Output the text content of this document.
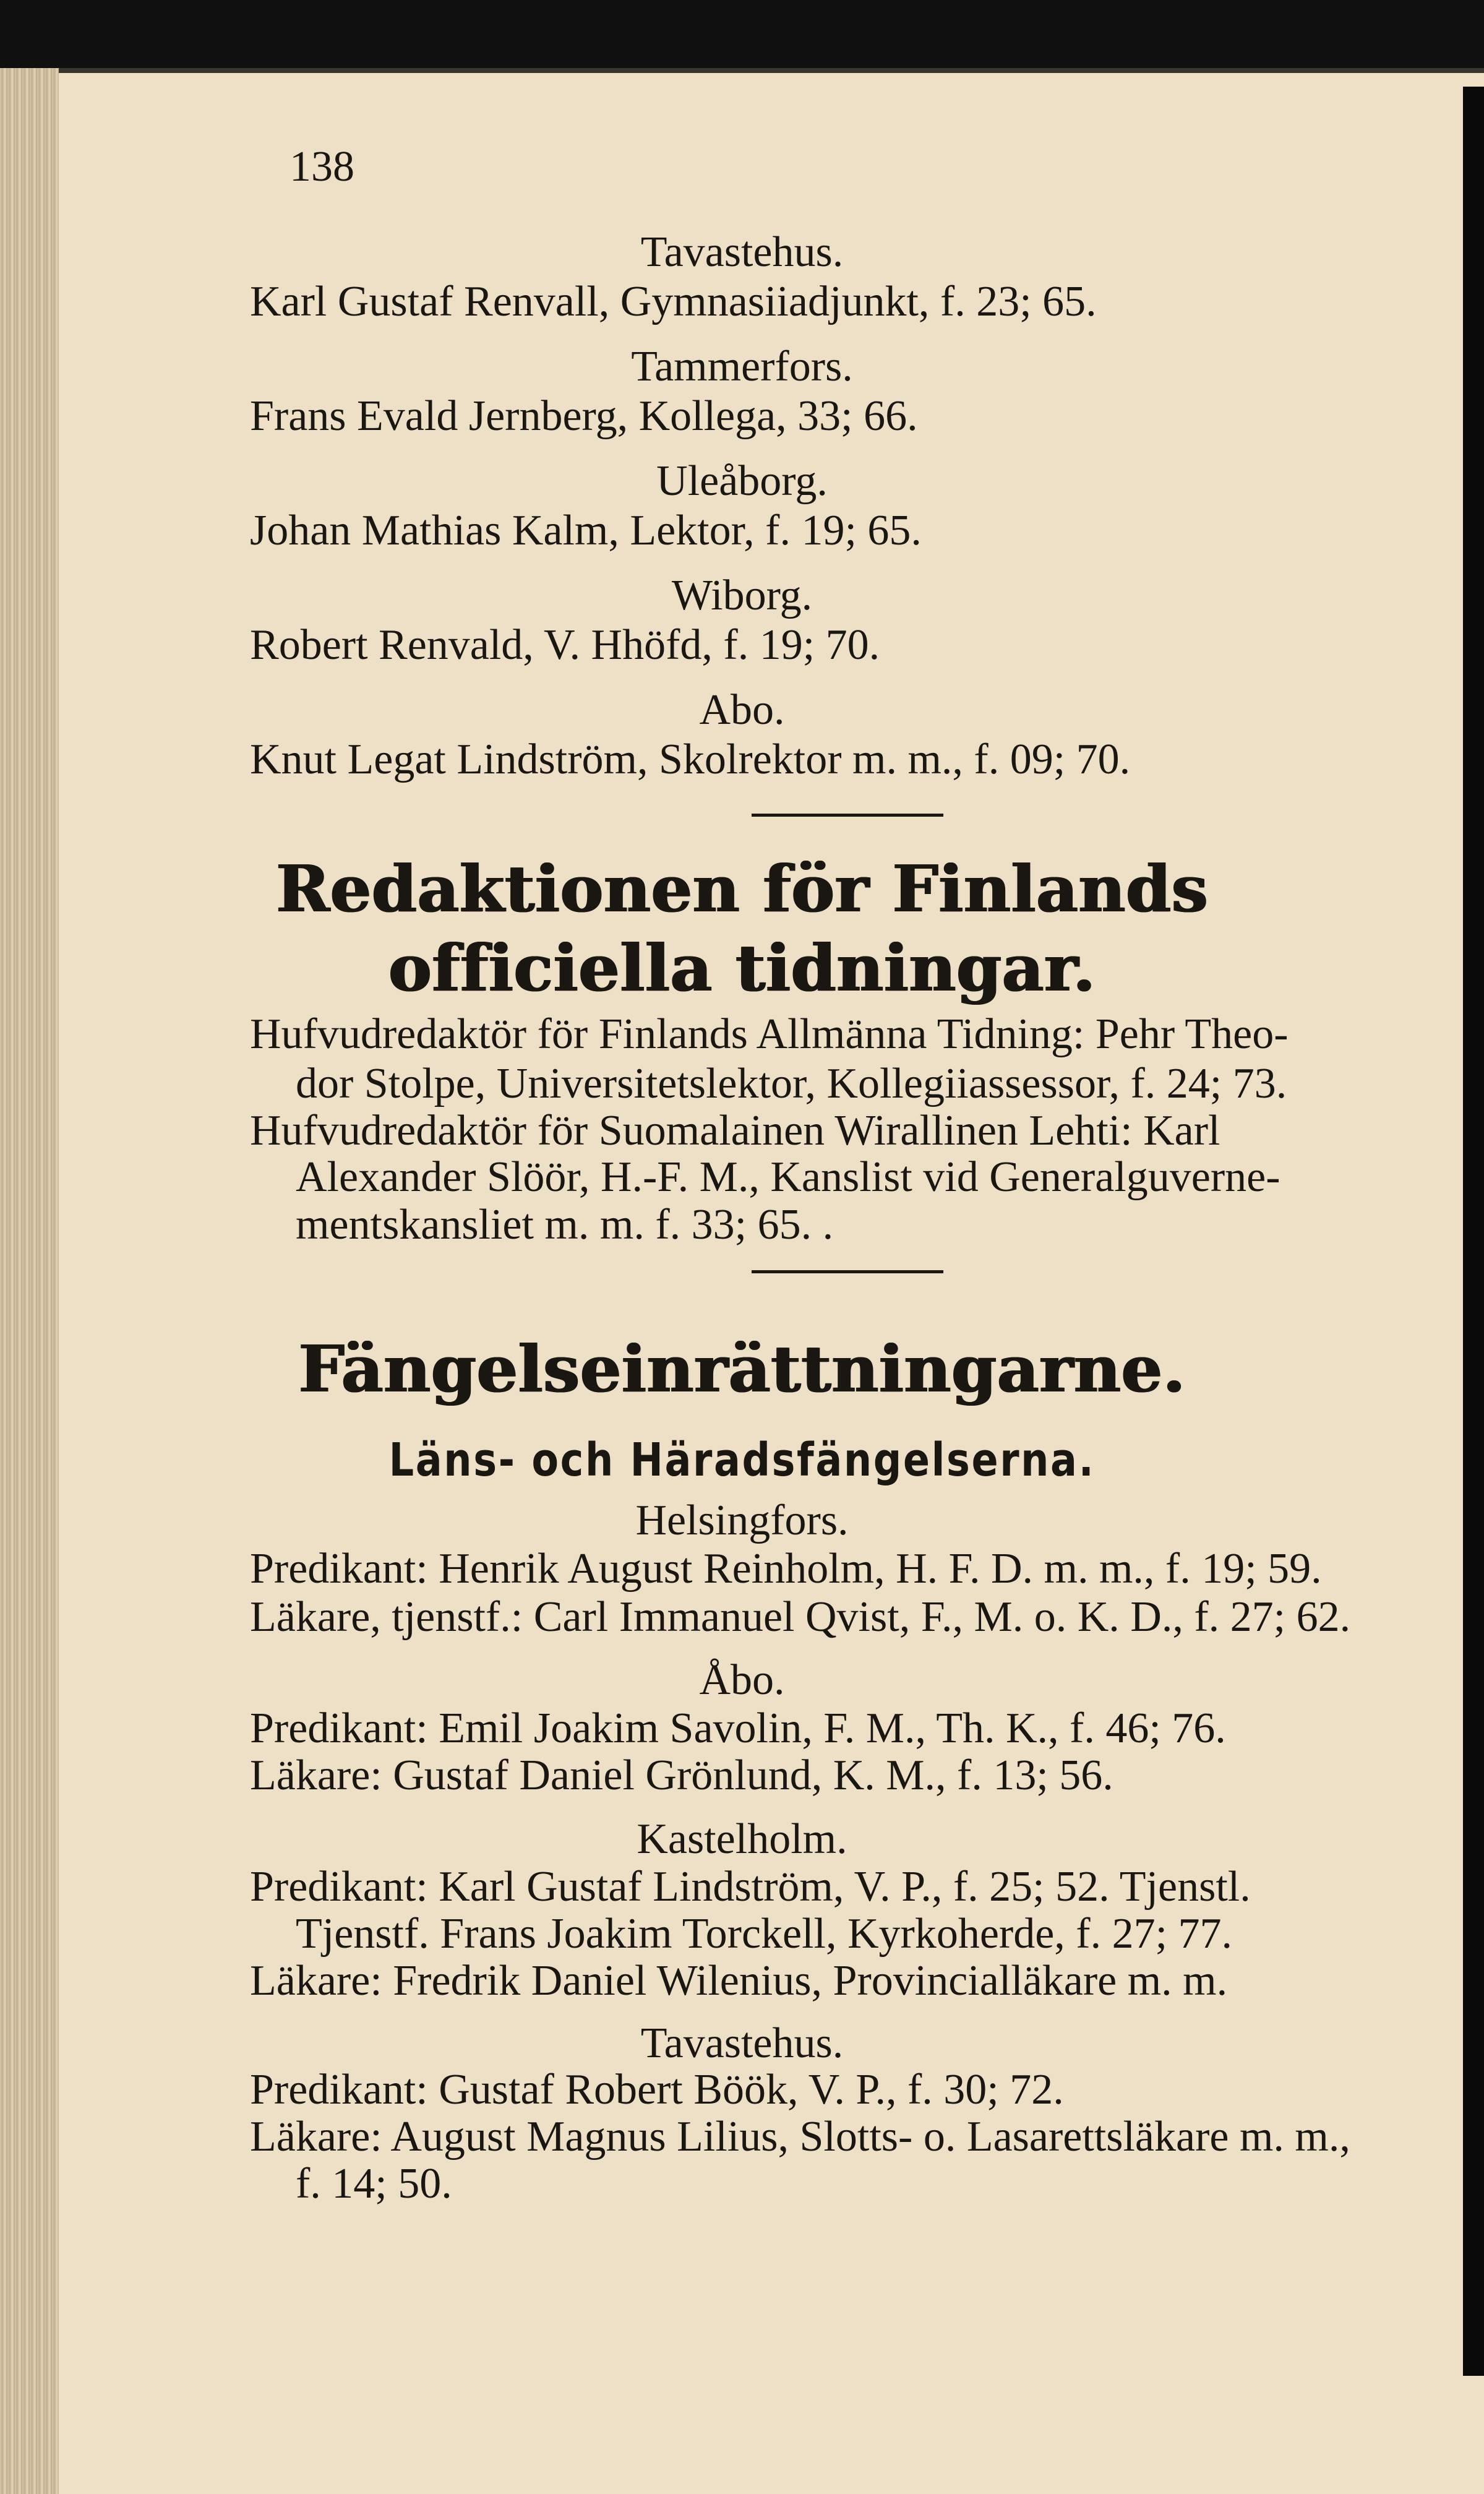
138
Tavastehus.
Karl Gustaf Renvall, Gymnasiiadjunkt, f. 23; 65.
Tammerfors.
Frans Evald Jernberg, Kollega, 33; 66.
Uleåborg.
Johan Mathias Kalm, Lektor, f. 19; 65.
Wiborg.
Robert Renvald, V. Hhöfd, f. 19; 70.
Abo.
Knut Legat Lindström, Skolrektor m. m., f. 09; 70.
Redaktionen för Finlands
officiella tidningar.
Hufvudredaktör för Finlands Allmänna Tidning: Pehr Theo-
dor Stolpe, Universitetslektor, Kollegiiassessor, f. 24; 73.
Hufvudredaktör för Suomalainen Wirallinen Lehti: Karl
Alexander Slöör, H.-F. M., Kanslist vid Generalguverne-
mentskansliet m. m. f. 33; 65. .
Fängelseinrättningarne.
Läns- och Häradsfängelserna.
Helsingfors.
Predikant: Henrik August Reinholm, H. F. D. m. m., f. 19; 59.
Läkare, tjenstf.: Carl Immanuel Qvist, F., M. o. K. D., f. 27; 62.
Åbo.
Predikant: Emil Joakim Savolin, F. M., Th. K., f. 46; 76.
Läkare: Gustaf Daniel Grönlund, K. M., f. 13; 56.
Kastelholm.
Predikant: Karl Gustaf Lindström, V. P., f. 25; 52. Tjenstl.
Tjenstf. Frans Joakim Torckell, Kyrkoherde, f. 27; 77.
Läkare: Fredrik Daniel Wilenius, Provincialläkare m. m.
Tavastehus.
Predikant: Gustaf Robert Böök, V. P., f. 30; 72.
Läkare: August Magnus Lilius, Slotts- o. Lasarettsläkare m. m.,
f. 14; 50.
